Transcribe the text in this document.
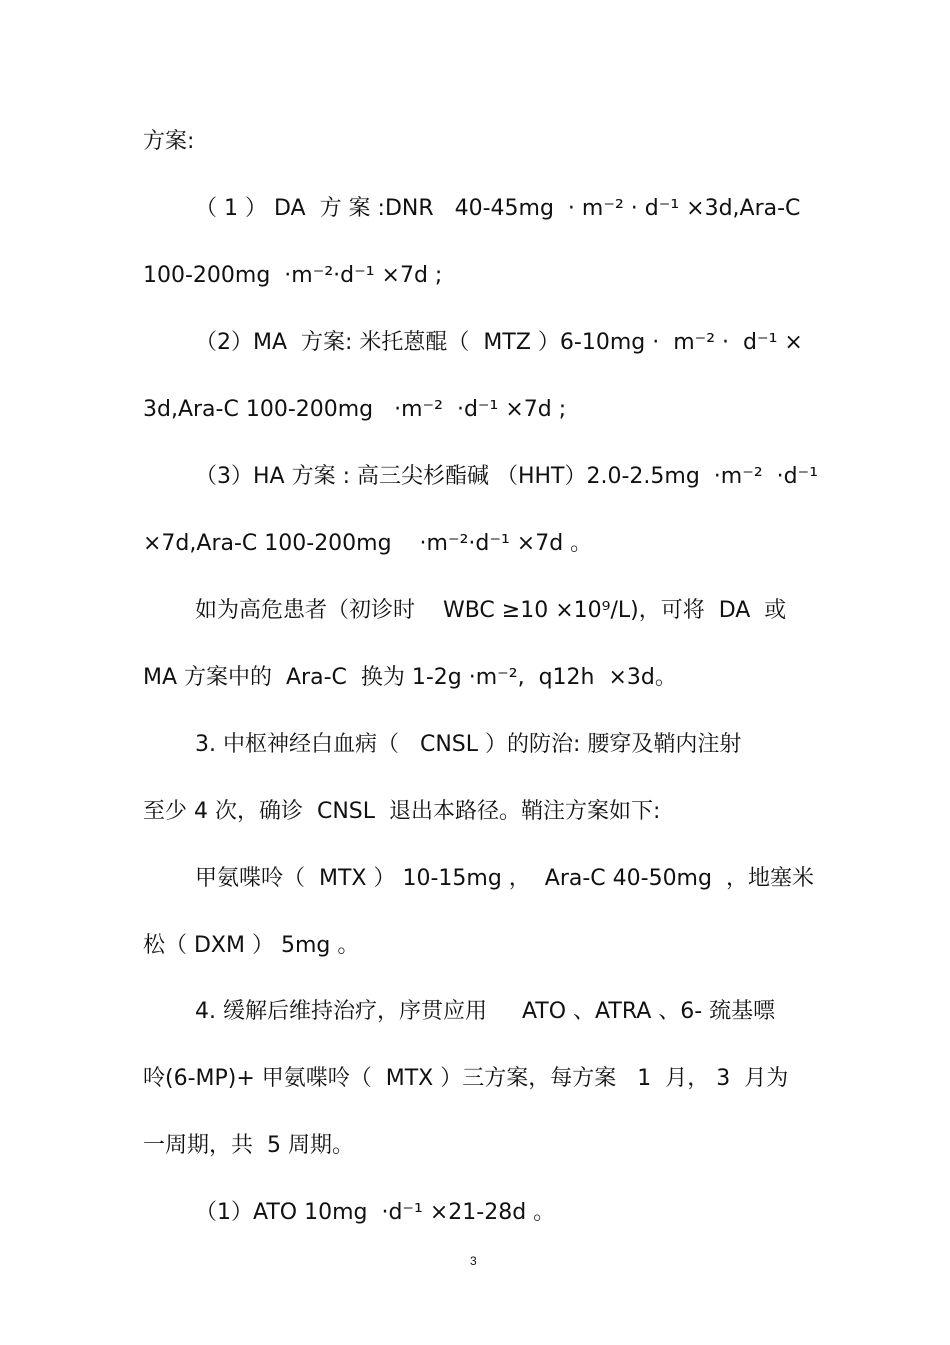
方案:
（ 1 ） DA  方 案 :DNR   40-45mg  · m⁻² · d⁻¹ ×3d,Ara-C
100-200mg  ·m⁻²·d⁻¹ ×7d ;
（2）MA  方案: 米托蒽醌（  MTZ ）6-10mg ·  m⁻² ·  d⁻¹ ×
3d,Ara-C 100-200mg   ·m⁻²  ·d⁻¹ ×7d ;
（3）HA 方案 : 高三尖杉酯碱 （HHT）2.0-2.5mg  ·m⁻²  ·d⁻¹
×7d,Ara-C 100-200mg    ·m⁻²·d⁻¹ ×7d 。
如为高危患者（初诊时    WBC ≥10 ×10⁹/L)，可将  DA  或
MA 方案中的  Ara-C  换为 1-2g ·m⁻²,  q12h  ×3d。
3. 中枢神经白血病（   CNSL ）的防治: 腰穿及鞘内注射
至少 4 次，确诊  CNSL  退出本路径。鞘注方案如下:
甲氨喋呤（  MTX ） 10-15mg ，  Ara-C 40-50mg  ，地塞米
松（ DXM ） 5mg 。
4. 缓解后维持治疗，序贯应用     ATO 、ATRA 、6- 巯基嘌
呤(6-MP)+ 甲氨喋呤（  MTX ）三方案，每方案   1  月， 3  月为
一周期，共  5 周期。
（1）ATO 10mg  ·d⁻¹ ×21-28d 。
3
